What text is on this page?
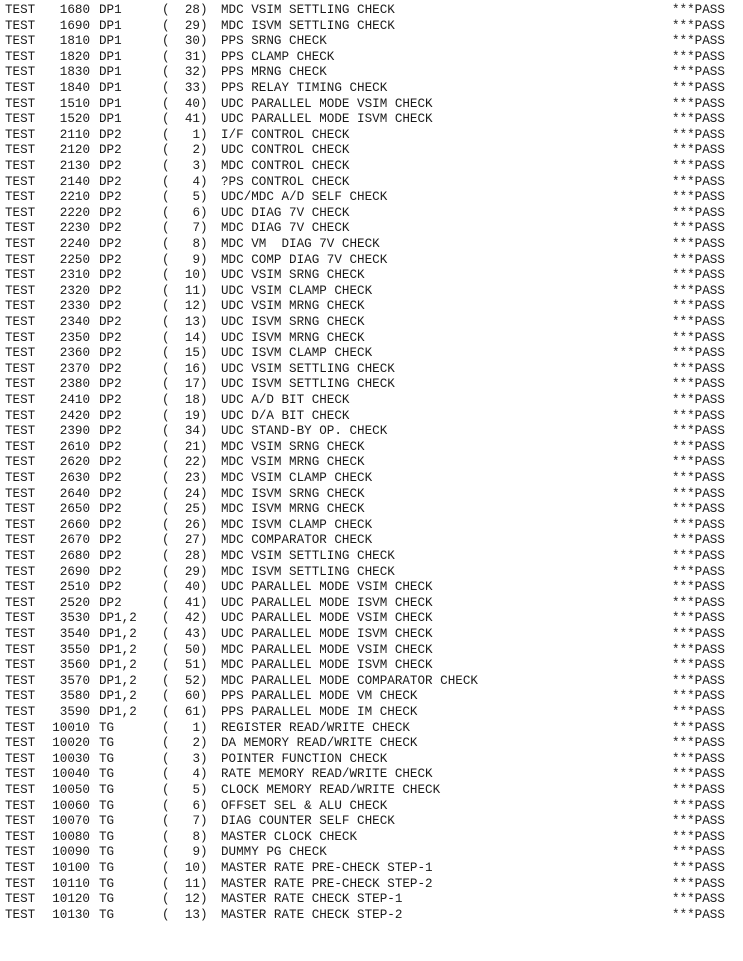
TEST	1680 DP1	(	28 ) MDC VSIM SETTLING CHECK	***PASS
TEST	1690 DP1	(	29 ) MDC ISVM SETTLING CHECK	***PASS
TEST	1810 DP1	(	30 ) PPS SRNG CHECK	***PASS
TEST	1820 DP1	(	31 ) PPS CLAMP CHECK	***PASS
TEST	1830 DP1	(	32 ) PPS MRNG CHECK	***PASS
TEST	1840 DP1	(	33 ) PPS RELAY TIMING CHECK	***PASS
TEST	1510 DP1	(	40 ) UDC PARALLEL MODE VSIM CHECK	***PASS
TEST	1520 DP1	(	41 ) UDC PARALLEL MODE ISVM CHECK	***PASS
TEST	2110 DP2	(	1 ) I/F CONTROL CHECK	***PASS
TEST	2120 DP2	(	2 ) UDC CONTROL CHECK	***PASS
TEST	2130 DP2	(	3 ) MDC CONTROL CHECK	***PASS
TEST	2140 DP2	(	4 ) ?PS CONTROL CHECK	***PASS
TEST	2210 DP2	(	5 ) UDC/MDC A/D SELF CHECK	***PASS
TEST	2220 DP2	(	6 ) UDC DIAG 7V CHECK	***PASS
TEST	2230 DP2	(	7 ) MDC DIAG 7V CHECK	***PASS
TEST	2240 DP2	(	8 ) MDC VM  DIAG 7V CHECK	***PASS
TEST	2250 DP2	(	9 ) MDC COMP DIAG 7V CHECK	***PASS
TEST	2310 DP2	(	10 ) UDC VSIM SRNG CHECK	***PASS
TEST	2320 DP2	(	11 ) UDC VSIM CLAMP CHECK	***PASS
TEST	2330 DP2	(	12 ) UDC VSIM MRNG CHECK	***PASS
TEST	2340 DP2	(	13 ) UDC ISVM SRNG CHECK	***PASS
TEST	2350 DP2	(	14 ) UDC ISVM MRNG CHECK	***PASS
TEST	2360 DP2	(	15 ) UDC ISVM CLAMP CHECK	***PASS
TEST	2370 DP2	(	16 ) UDC VSIM SETTLING CHECK	***PASS
TEST	2380 DP2	(	17 ) UDC ISVM SETTLING CHECK	***PASS
TEST	2410 DP2	(	18 ) UDC A/D BIT CHECK	***PASS
TEST	2420 DP2	(	19 ) UDC D/A BIT CHECK	***PASS
TEST	2390 DP2	(	34 ) UDC STAND-BY OP. CHECK	***PASS
TEST	2610 DP2	(	21 ) MDC VSIM SRNG CHECK	***PASS
TEST	2620 DP2	(	22 ) MDC VSIM MRNG CHECK	***PASS
TEST	2630 DP2	(	23 ) MDC VSIM CLAMP CHECK	***PASS
TEST	2640 DP2	(	24 ) MDC ISVM SRNG CHECK	***PASS
TEST	2650 DP2	(	25 ) MDC ISVM MRNG CHECK	***PASS
TEST	2660 DP2	(	26 ) MDC ISVM CLAMP CHECK	***PASS
TEST	2670 DP2	(	27 ) MDC COMPARATOR CHECK	***PASS
TEST	2680 DP2	(	28 ) MDC VSIM SETTLING CHECK	***PASS
TEST	2690 DP2	(	29 ) MDC ISVM SETTLING CHECK	***PASS
TEST	2510 DP2	(	40 ) UDC PARALLEL MODE VSIM CHECK	***PASS
TEST	2520 DP2	(	41 ) UDC PARALLEL MODE ISVM CHECK	***PASS
TEST	3530 DP1,2 (	42 ) UDC PARALLEL MODE VSIM CHECK	***PASS
TEST	3540 DP1,2 (	43 ) UDC PARALLEL MODE ISVM CHECK	***PASS
TEST	3550 DP1,2 (	50 ) MDC PARALLEL MODE VSIM CHECK	***PASS
TEST	3560 DP1,2 (	51 ) MDC PARALLEL MODE ISVM CHECK	***PASS
TEST	3570 DP1,2 (	52 ) MDC PARALLEL MODE COMPARATOR CHECK	***PASS
TEST	3580 DP1,2 (	60 ) PPS PARALLEL MODE VM CHECK	***PASS
TEST	3590 DP1,2 (	61 ) PPS PARALLEL MODE IM CHECK	***PASS
TEST	10010 TG	(	1 ) REGISTER READ/WRITE CHECK	***PASS
TEST	10020 TG	(	2 ) DA MEMORY READ/WRITE CHECK	***PASS
TEST	10030 TG	(	3 ) POINTER FUNCTION CHECK	***PASS
TEST	10040 TG	(	4 ) RATE MEMORY READ/WRITE CHECK	***PASS
TEST	10050 TG	(	5 ) CLOCK MEMORY READ/WRITE CHECK	***PASS
TEST	10060 TG	(	6 ) OFFSET SEL & ALU CHECK	***PASS
TEST	10070 TG	(	7 ) DIAG COUNTER SELF CHECK	***PASS
TEST	10080 TG	(	8 ) MASTER CLOCK CHECK	***PASS
TEST	10090 TG	(	9 ) DUMMY PG CHECK	***PASS
TEST	10100 TG	(	10 ) MASTER RATE PRE-CHECK STEP-1	***PASS
TEST	10110 TG	(	11 ) MASTER RATE PRE-CHECK STEP-2	***PASS
TEST	10120 TG	(	12 ) MASTER RATE CHECK STEP-1	***PASS
TEST	10130 TG	(	13 ) MASTER RATE CHECK STEP-2	***PASS
